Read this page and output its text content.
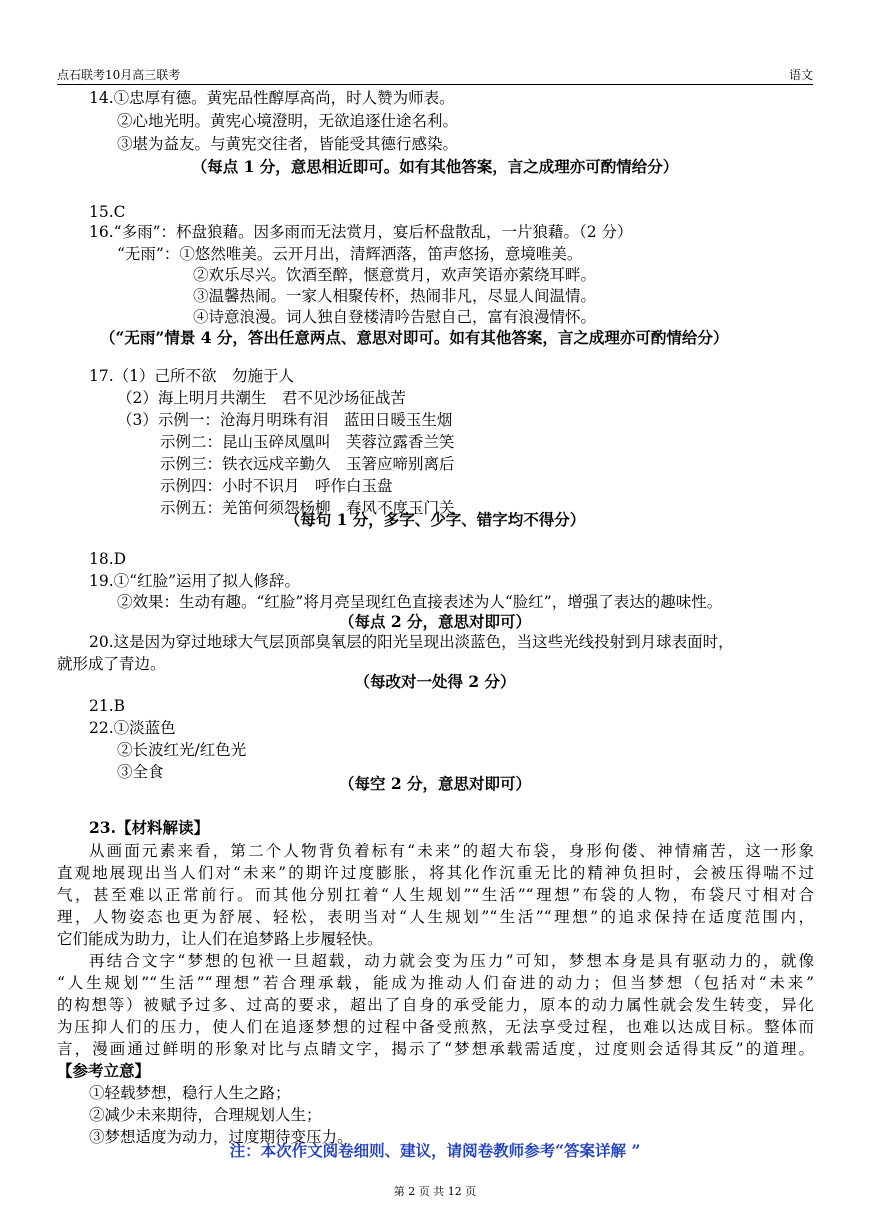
点石联考10月高三联考	语文
14.①忠厚有德。黄宪品性醇厚高尚，时人赞为师表。
②心地光明。黄宪心境澄明，无欲追逐仕途名利。
③堪为益友。与黄宪交往者，皆能受其德行感染。
（每点 1 分，意思相近即可。如有其他答案，言之成理亦可酌情给分）
15.C
16.“多雨”：杯盘狼藉。因多雨而无法赏月，宴后杯盘散乱，一片狼藉。（2 分）
“无雨”：①悠然唯美。云开月出，清辉洒落，笛声悠扬，意境唯美。
②欢乐尽兴。饮酒至醉，惬意赏月，欢声笑语亦萦绕耳畔。
③温馨热闹。一家人相聚传杯，热闹非凡，尽显人间温情。
④诗意浪漫。词人独自登楼清吟告慰自己，富有浪漫情怀。
（“无雨”情景 4 分，答出任意两点、意思对即可。如有其他答案，言之成理亦可酌情给分）
17.（1）己所不欲　勿施于人
（2）海上明月共潮生　君不见沙场征战苦
（3）示例一：沧海月明珠有泪　蓝田日暖玉生烟
示例二：昆山玉碎凤凰叫　芙蓉泣露香兰笑
示例三：铁衣远戍辛勤久　玉箸应啼别离后
示例四：小时不识月　呼作白玉盘
示例五：羌笛何须怨杨柳　春风不度玉门关
（每句 1 分，多字、少字、错字均不得分）
18.D
19.①“红脸”运用了拟人修辞。
②效果：生动有趣。“红脸”将月亮呈现红色直接表述为人“脸红”，增强了表达的趣味性。
（每点 2 分，意思对即可）
20.这是因为穿过地球大气层顶部臭氧层的阳光呈现出淡蓝色，当这些光线投射到月球表面时，
就形成了青边。
（每改对一处得 2 分）
21.B
22.①淡蓝色
②长波红光/红色光
③全食
（每空 2 分，意思对即可）
23.【材料解读】
从画面元素来看，第二个人物背负着标有“未来”的超大布袋，身形佝偻、神情痛苦，这一形象
直观地展现出当人们对“未来”的期许过度膨胀，将其化作沉重无比的精神负担时，会被压得喘不过
气，甚至难以正常前行。而其他分别扛着“人生规划”“生活”“理想”布袋的人物，布袋尺寸相对合
理，人物姿态也更为舒展、轻松，表明当对“人生规划”“生活”“理想”的追求保持在适度范围内，
它们能成为助力，让人们在追梦路上步履轻快。
再结合文字“梦想的包袱一旦超载，动力就会变为压力”可知，梦想本身是具有驱动力的，就像
“人生规划”“生活”“理想”若合理承载，能成为推动人们奋进的动力；但当梦想（包括对“未来”
的构想等）被赋予过多、过高的要求，超出了自身的承受能力，原本的动力属性就会发生转变，异化
为压抑人们的压力，使人们在追逐梦想的过程中备受煎熬，无法享受过程，也难以达成目标。整体而
言，漫画通过鲜明的形象对比与点睛文字，揭示了“梦想承载需适度，过度则会适得其反”的道理。
【参考立意】
①轻载梦想，稳行人生之路；
②减少未来期待，合理规划人生；
③梦想适度为动力，过度期待变压力。
注：本次作文阅卷细则、建议，请阅卷教师参考“答案详解 ”
第 2 页 共 12 页
